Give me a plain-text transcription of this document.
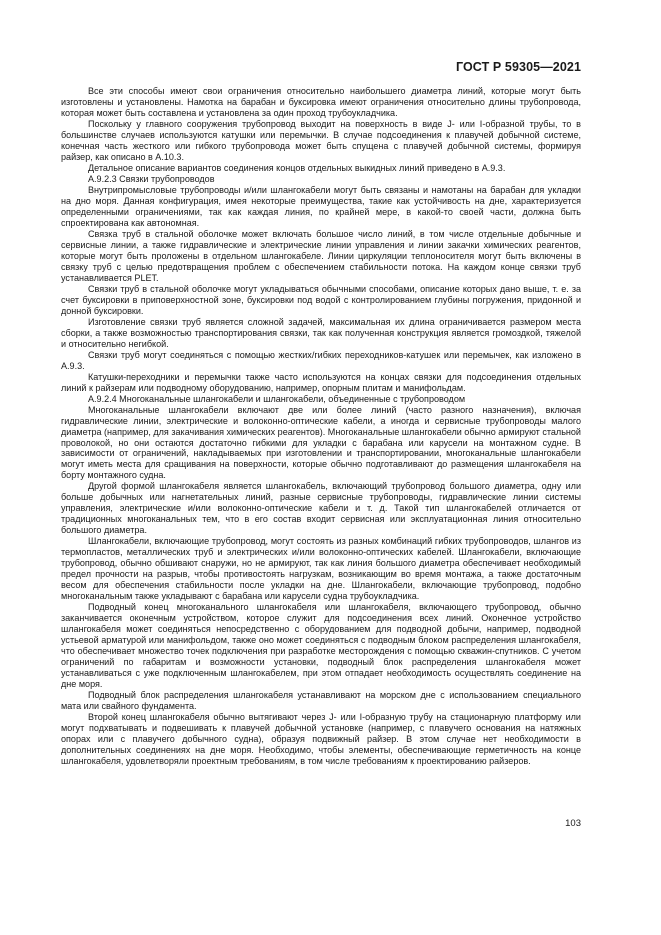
ГОСТ Р 59305—2021

Все эти способы имеют свои ограничения относительно наибольшего диаметра линий, которые могут быть изготовлены и установлены. Намотка на барабан и буксировка имеют ограничения относительно длины трубопровода, которая может быть составлена и установлена за один проход трубоукладчика.

Поскольку у главного сооружения трубопровод выходит на поверхность в виде J- или I-образной трубы, то в большинстве случаев используются катушки или перемычки. В случае подсоединения к плавучей добычной системе, конечная часть жесткого или гибкого трубопровода может быть спущена с плавучей добычной системы, формируя райзер, как описано в А.10.3.

Детальное описание вариантов соединения концов отдельных выкидных линий приведено в А.9.3.

А.9.2.3 Связки трубопроводов

Внутрипромысловые трубопроводы и/или шлангокабели могут быть связаны и намотаны на барабан для укладки на дно моря. Данная конфигурация, имея некоторые преимущества, такие как устойчивость на дне, характеризуется определенными ограничениями, так как каждая линия, по крайней мере, в какой-то своей части, должна быть спроектирована как автономная.

Связка труб в стальной оболочке может включать большое число линий, в том числе отдельные добычные и сервисные линии, а также гидравлические и электрические линии управления и линии закачки химических реагентов, которые могут быть проложены в отдельном шлангокабеле. Линии циркуляции теплоносителя могут быть включены в связку труб с целью предотвращения проблем с обеспечением стабильности потока. На каждом конце связки труб устанавливается PLET.

Связки труб в стальной оболочке могут укладываться обычными способами, описание которых дано выше, т. е. за счет буксировки в приповерхностной зоне, буксировки под водой с контролированием глубины погружения, придонной и донной буксировки.

Изготовление связки труб является сложной задачей, максимальная их длина ограничивается размером места сборки, а также возможностью транспортирования связки, так как полученная конструкция является громоздкой, тяжелой и относительно негибкой.

Связки труб могут соединяться с помощью жестких/гибких переходников-катушек или перемычек, как изложено в А.9.3.

Катушки-переходники и перемычки также часто используются на концах связки для подсоединения отдельных линий к райзерам или подводному оборудованию, например, опорным плитам и манифольдам.

А.9.2.4 Многоканальные шлангокабели и шлангокабели, объединенные с трубопроводом

Многоканальные шлангокабели включают две или более линий (часто разного назначения), включая гидравлические линии, электрические и волоконно-оптические кабели, а иногда и сервисные трубопроводы малого диаметра (например, для закачивания химических реагентов). Многоканальные шлангокабели обычно армируют стальной проволокой, но они остаются достаточно гибкими для укладки с барабана или карусели на монтажном судне. В зависимости от ограничений, накладываемых при изготовлении и транспортировании, многоканальные шлангокабели могут иметь места для сращивания на поверхности, которые обычно подготавливают до размещения шлангокабеля на борту монтажного судна.

Другой формой шлангокабеля является шлангокабель, включающий трубопровод большого диаметра, одну или больше добычных или нагнетательных линий, разные сервисные трубопроводы, гидравлические линии системы управления, электрические и/или волоконно-оптические кабели и т. д. Такой тип шлангокабелей отличается от традиционных многоканальных тем, что в его состав входит сервисная или эксплуатационная линия относительно большого диаметра.

Шлангокабели, включающие трубопровод, могут состоять из разных комбинаций гибких трубопроводов, шлангов из термопластов, металлических труб и электрических и/или волоконно-оптических кабелей. Шлангокабели, включающие трубопровод, обычно обшивают снаружи, но не армируют, так как линия большого диаметра обеспечивает необходимый предел прочности на разрыв, чтобы противостоять нагрузкам, возникающим во время монтажа, а также достаточным весом для обеспечения стабильности после укладки на дне. Шлангокабели, включающие трубопровод, подобно многоканальным также укладывают с барабана или карусели судна трубоукладчика.

Подводный конец многоканального шлангокабеля или шлангокабеля, включающего трубопровод, обычно заканчивается оконечным устройством, которое служит для подсоединения всех линий. Оконечное устройство шлангокабеля может соединяться непосредственно с оборудованием для подводной добычи, например, подводной устьевой арматурой или манифольдом, также оно может соединяться с подводным блоком распределения шлангокабеля, что обеспечивает множество точек подключения при разработке месторождения с помощью скважин-спутников. С учетом ограничений по габаритам и возможности установки, подводный блок распределения шлангокабеля может устанавливаться с уже подключенным шлангокабелем, при этом отпадает необходимость осуществлять соединение на дне моря.

Подводный блок распределения шлангокабеля устанавливают на морском дне с использованием специального мата или свайного фундамента.

Второй конец шлангокабеля обычно вытягивают через J- или I-образную трубу на стационарную платформу или могут подхватывать и подвешивать к плавучей добычной установке (например, с плавучего основания на натяжных опорах или с плавучего добычного судна), образуя подвижный райзер. В этом случае нет необходимости в дополнительных соединениях на дне моря. Необходимо, чтобы элементы, обеспечивающие герметичность на конце шлангокабеля, удовлетворяли проектным требованиям, в том числе требованиям к проектированию райзеров.

103
